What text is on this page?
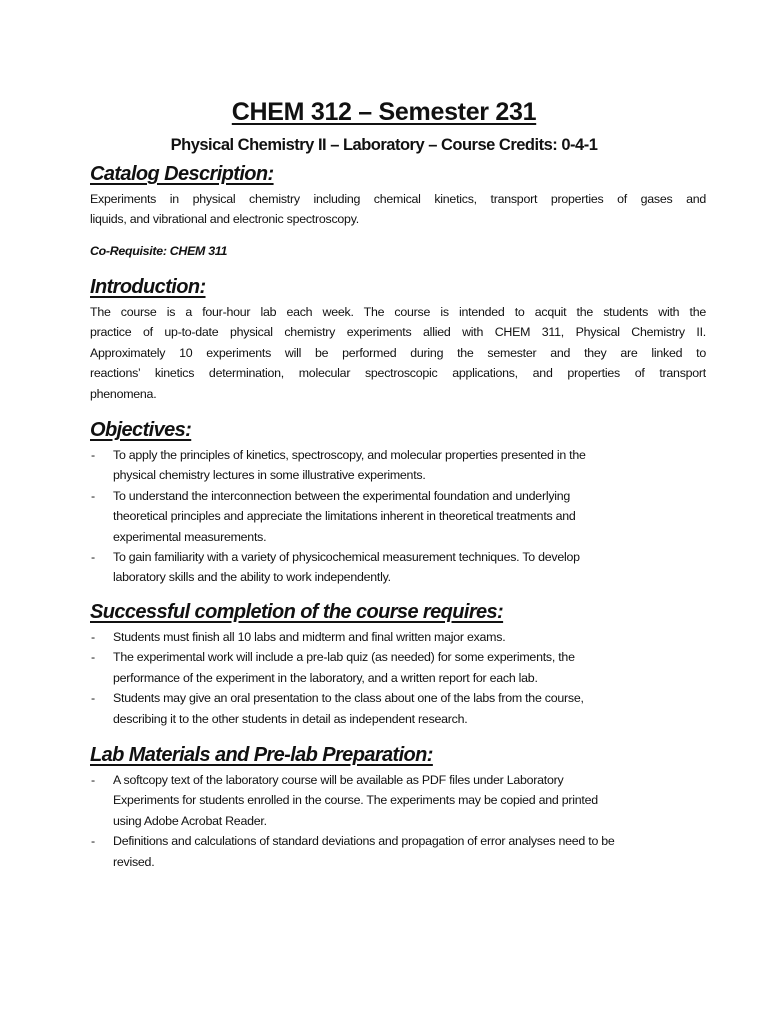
CHEM 312 – Semester 231
Physical Chemistry II – Laboratory – Course Credits: 0-4-1
Catalog Description:
Experiments in physical chemistry including chemical kinetics, transport properties of gases and
liquids, and vibrational and electronic spectroscopy.
Co-Requisite: CHEM 311
Introduction:
The course is a four-hour lab each week. The course is intended to acquit the students with the
practice of up-to-date physical chemistry experiments allied with CHEM 311, Physical Chemistry II.
Approximately 10 experiments will be performed during the semester and they are linked to
reactions’ kinetics determination, molecular spectroscopic applications, and properties of transport
phenomena.
Objectives:
- To apply the principles of kinetics, spectroscopy, and molecular properties presented in the
physical chemistry lectures in some illustrative experiments.
- To understand the interconnection between the experimental foundation and underlying
theoretical principles and appreciate the limitations inherent in theoretical treatments and
experimental measurements.
- To gain familiarity with a variety of physicochemical measurement techniques. To develop
laboratory skills and the ability to work independently.
Successful completion of the course requires:
- Students must finish all 10 labs and midterm and final written major exams.
- The experimental work will include a pre-lab quiz (as needed) for some experiments, the
performance of the experiment in the laboratory, and a written report for each lab.
- Students may give an oral presentation to the class about one of the labs from the course,
describing it to the other students in detail as independent research.
Lab Materials and Pre-lab Preparation:
- A softcopy text of the laboratory course will be available as PDF files under Laboratory
Experiments for students enrolled in the course. The experiments may be copied and printed
using Adobe Acrobat Reader.
- Definitions and calculations of standard deviations and propagation of error analyses need to be
revised.
